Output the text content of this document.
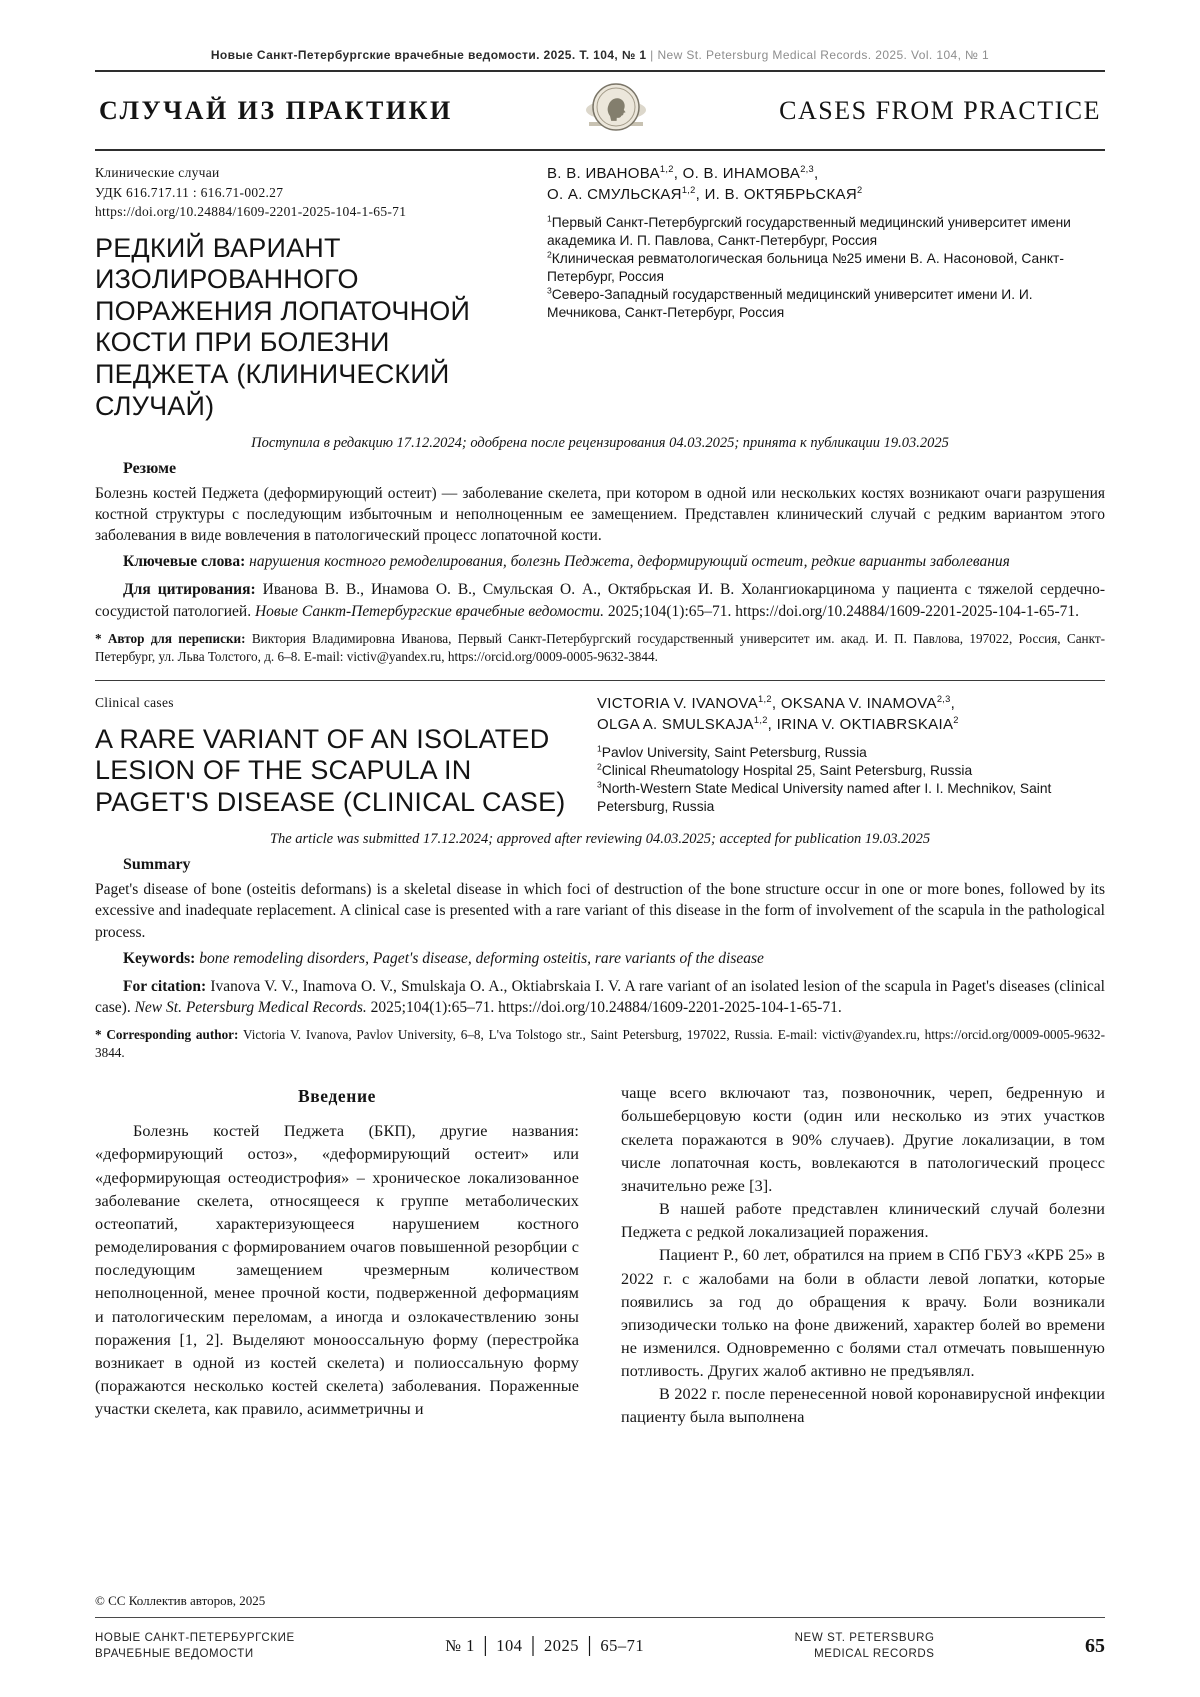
Новые Санкт-Петербургские врачебные ведомости. 2025. Т. 104, № 1 | New St. Petersburg Medical Records. 2025. Vol. 104, № 1
СЛУЧАЙ ИЗ ПРАКТИКИ	CASES FROM PRACTICE

Клинические случаи

УДК 616.717.11 : 616.71-002.27

https://doi.org/10.24884/1609-2201-2025-104-1-65-71

РЕДКИЙ ВАРИАНТ ИЗОЛИРОВАННОГО ПОРАЖЕНИЯ ЛОПАТОЧНОЙ КОСТИ ПРИ БОЛЕЗНИ ПЕДЖЕТА (КЛИНИЧЕСКИЙ СЛУЧАЙ)

В. В. ИВАНОВА$^{1,2}$, О. В. ИНАМОВА$^{2,3}$,

О. А. СМУЛЬСКАЯ$^{1,2}$, И. В. ОКТЯБРЬСКАЯ$^2$

$^1$Первый Санкт-Петербургский государственный медицинский университет имени академика И. П. Павлова, Санкт-Петербург, Россия

$^2$Клиническая ревматологическая больница №25 имени В. А. Насоновой, Санкт-Петербург, Россия

$^3$Северо-Западный государственный медицинский университет имени И. И. Мечникова, Санкт-Петербург, Россия

Поступила в редакцию 17.12.2024; одобрена после рецензирования 04.03.2025; принята к публикации 19.03.2025

Резюме

Болезнь костей Педжета (деформирующий остеит) — заболевание скелета, при котором в одной или нескольких костях возникают очаги разрушения костной структуры с последующим избыточным и неполноценным ее замещением. Представлен клинический случай с редким вариантом этого заболевания в виде вовлечения в патологический процесс лопаточной кости.

Ключевые слова: нарушения костного ремоделирования, болезнь Педжета, деформирующий остеит, редкие варианты заболевания

Для цитирования: Иванова В. В., Инамова О. В., Смульская О. А., Октябрьская И. В. Холангиокарцинома у пациента с тяжелой сердечно-сосудистой патологией. Новые Санкт-Петербургские врачебные ведомости. 2025;104(1):65–71. https://doi.org/10.24884/1609-2201-2025-104-1-65-71.

* Автор для переписки: Виктория Владимировна Иванова, Первый Санкт-Петербургский государственный университет им. акад. И. П. Павлова, 197022, Россия, Санкт-Петербург, ул. Льва Толстого, д. 6–8. E-mail: victiv@yandex.ru, https://orcid.org/0009-0005-9632-3844.

Clinical cases

A RARE VARIANT OF AN ISOLATED LESION OF THE SCAPULA IN PAGET'S DISEASE (CLINICAL CASE)

VICTORIA V. IVANOVA$^{1,2}$, OKSANA V. INAMOVA$^{2,3}$,

OLGA A. SMULSKAJA$^{1,2}$, IRINA V. OKTIABRSKAIA$^2$

$^1$Pavlov University, Saint Petersburg, Russia

$^2$Clinical Rheumatology Hospital 25, Saint Petersburg, Russia

$^3$North-Western State Medical University named after I. I. Mechnikov, Saint Petersburg, Russia

The article was submitted 17.12.2024; approved after reviewing 04.03.2025; accepted for publication 19.03.2025

Summary

Paget's disease of bone (osteitis deformans) is a skeletal disease in which foci of destruction of the bone structure occur in one or more bones, followed by its excessive and inadequate replacement. A clinical case is presented with a rare variant of this disease in the form of involvement of the scapula in the pathological process.

Keywords: bone remodeling disorders, Paget's disease, deforming osteitis, rare variants of the disease

For citation: Ivanova V. V., Inamova O. V., Smulskaja O. A., Oktiabrskaia I. V. A rare variant of an isolated lesion of the scapula in Paget's diseases (clinical case). New St. Petersburg Medical Records. 2025;104(1):65–71. https://doi.org/10.24884/1609-2201-2025-104-1-65-71.

* Corresponding author: Victoria V. Ivanova, Pavlov University, 6–8, L'va Tolstogo str., Saint Petersburg, 197022, Russia. E-mail: victiv@yandex.ru, https://orcid.org/0009-0005-9632-3844.

Введение

Болезнь костей Педжета (БКП), другие названия: «деформирующий остоз», «деформирующий остеит» или «деформирующая остеодистрофия» – хроническое локализованное заболевание скелета, относящееся к группе метаболических остеопатий, характеризующееся нарушением костного ремоделирования с формированием очагов повышенной резорбции с последующим замещением чрезмерным количеством неполноценной, менее прочной кости, подверженной деформациям и патологическим переломам, а иногда и озлокачествлению зоны поражения [1, 2]. Выделяют монооссальную форму (перестройка возникает в одной из костей скелета) и полиоссальную форму (поражаются несколько костей скелета) заболевания. Пораженные участки скелета, как правило, асимметричны и

чаще всего включают таз, позвоночник, череп, бедренную и большеберцовую кости (один или несколько из этих участков скелета поражаются в 90% случаев). Другие локализации, в том числе лопаточная кость, вовлекаются в патологический процесс значительно реже [3].

В нашей работе представлен клинический случай болезни Педжета с редкой локализацией поражения.

Пациент Р., 60 лет, обратился на прием в СПб ГБУЗ «КРБ 25» в 2022 г. с жалобами на боли в области левой лопатки, которые появились за год до обращения к врачу. Боли возникали эпизодически только на фоне движений, характер болей во времени не изменился. Одновременно с болями стал отмечать повышенную потливость. Других жалоб активно не предъявлял.

В 2022 г. после перенесенной новой коронавирусной инфекции пациенту была выполнена

© СС Коллектив авторов, 2025

НОВЫЕ САНКТ-ПЕТЕРБУРГСКИЕ
ВРАЧЕБНЫЕ ВЕДОМОСТИ	№ 1 │ 104 │ 2025 │ 65–71	NEW ST. PETERSBURG
MEDICAL RECORDS	65
